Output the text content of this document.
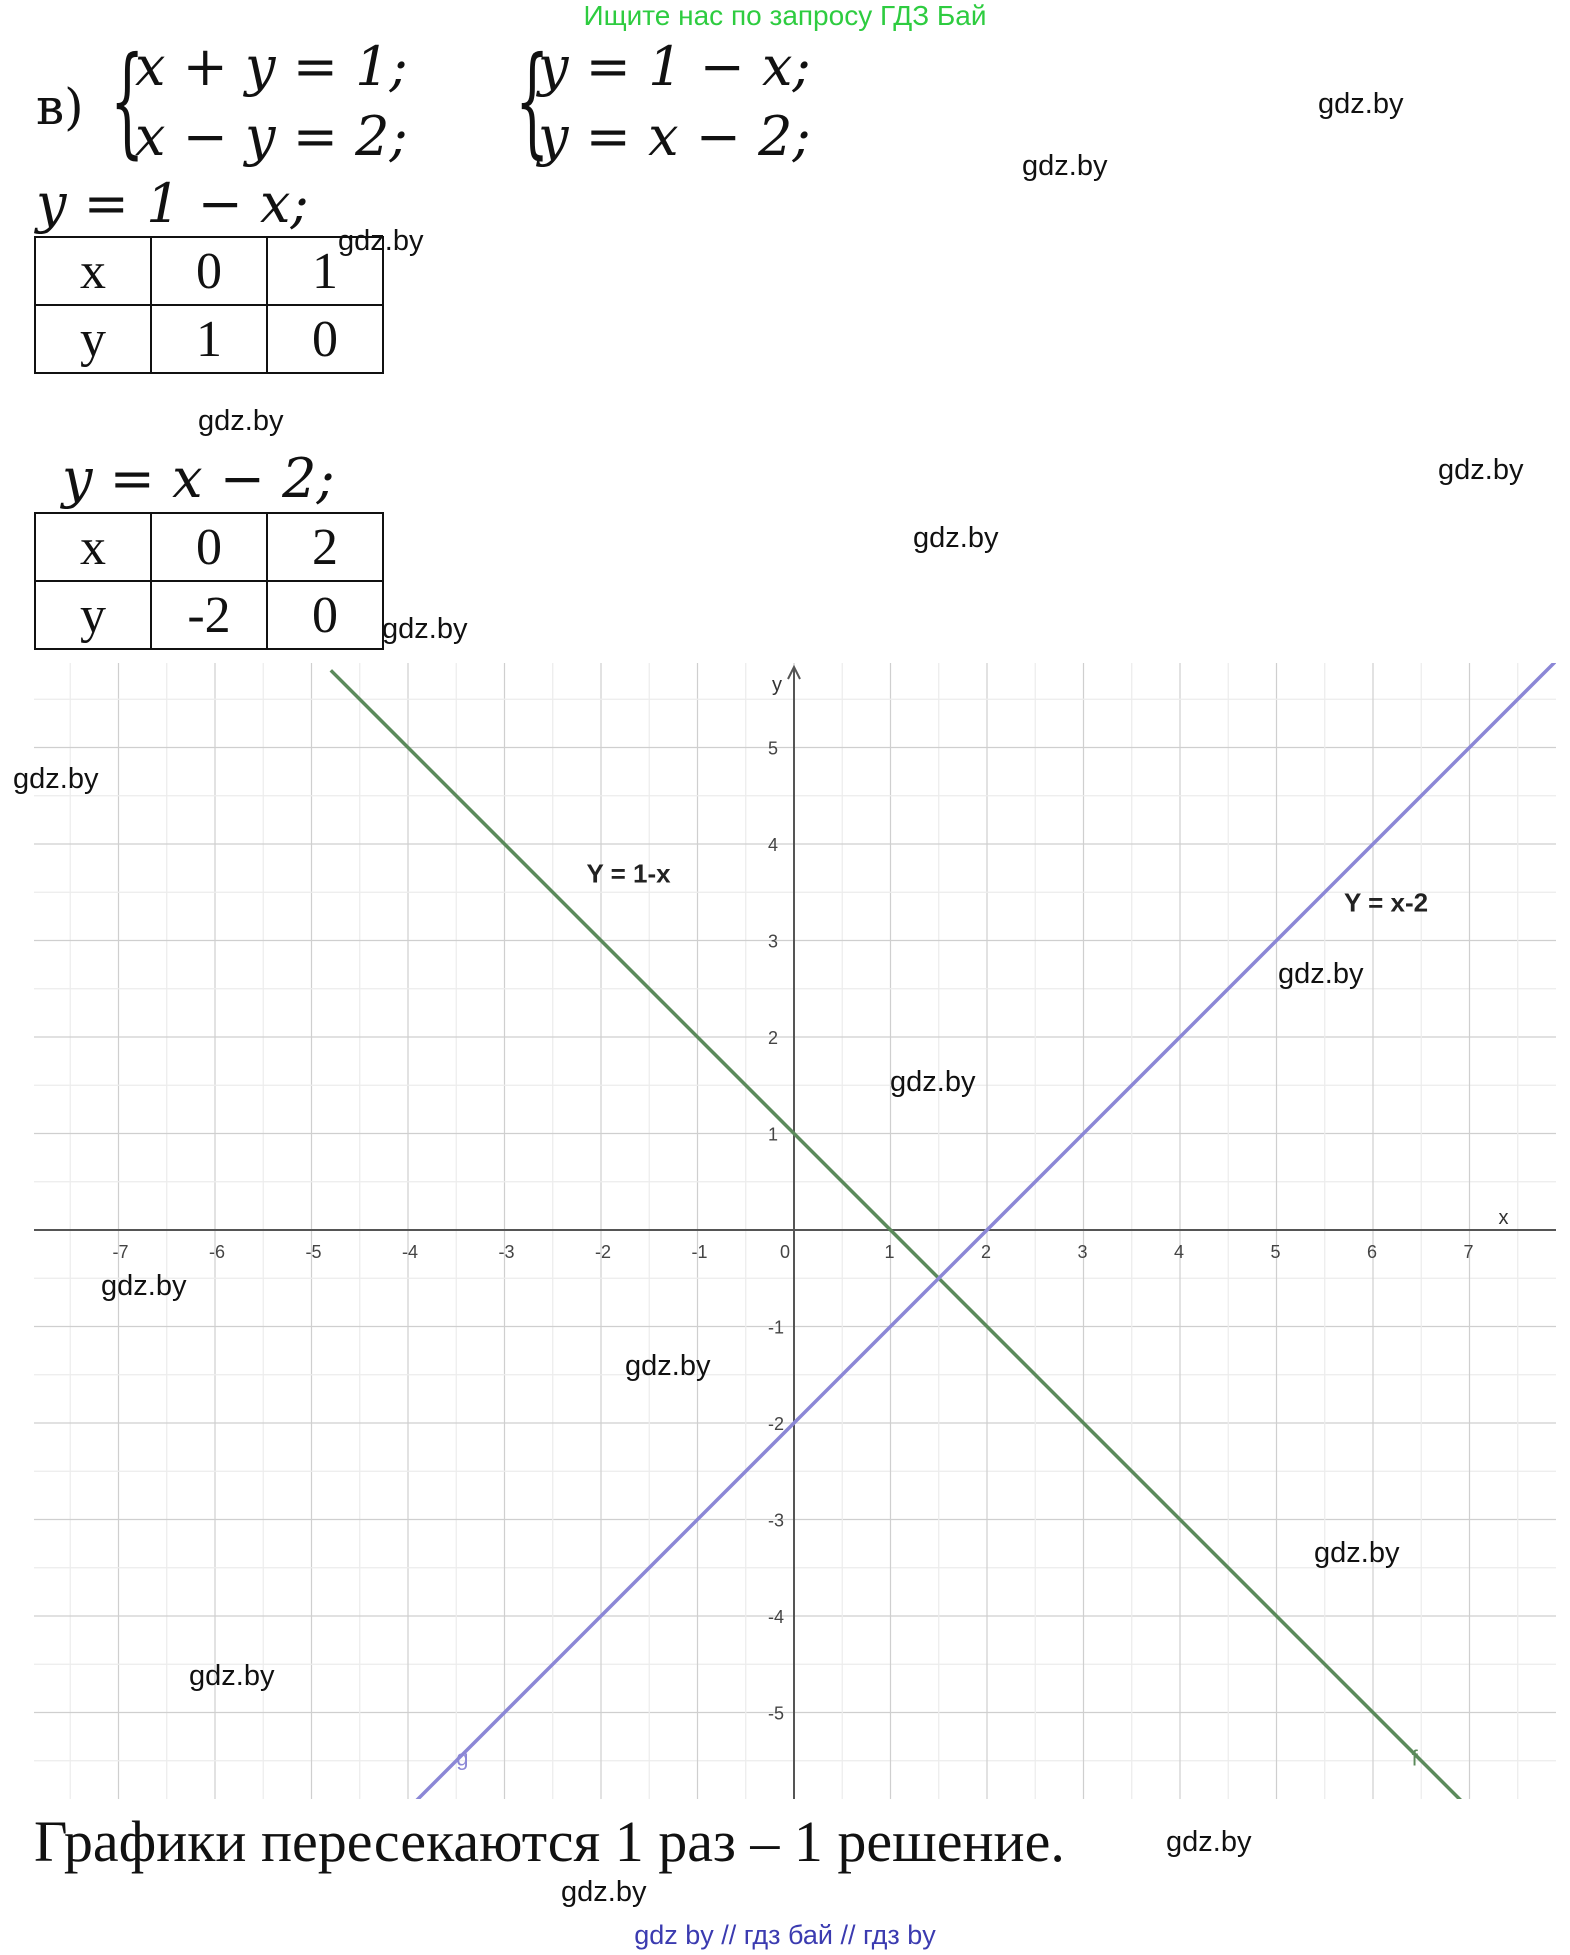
Ищите нас по запросу ГДЗ Бай
в) {
x + y = 1;
x − y = 2; {
y = 1 − x;
y = x − 2;
y = 1 − x;
x	0	1
y	1	0
y = x − 2;
x	0	2
y	-2	0
-7	-6	-5	-4	-3	-2	-1	0	1	2	3	4	5	6	7
5
4
3
2
1
-1
-2
-3
-4
-5
x
y
Y = 1-x
Y = x-2
f
g
Графики пересекаются 1 раз – 1 решение.
gdz.by
gdz.by
gdz.by
gdz.by
gdz.by
gdz.by
gdz.by
gdz.by
gdz.by
gdz.by
gdz.by
gdz.by
gdz.by
gdz.by
gdz.by
gdz.by
gdz by // гдз бай // гдз by
